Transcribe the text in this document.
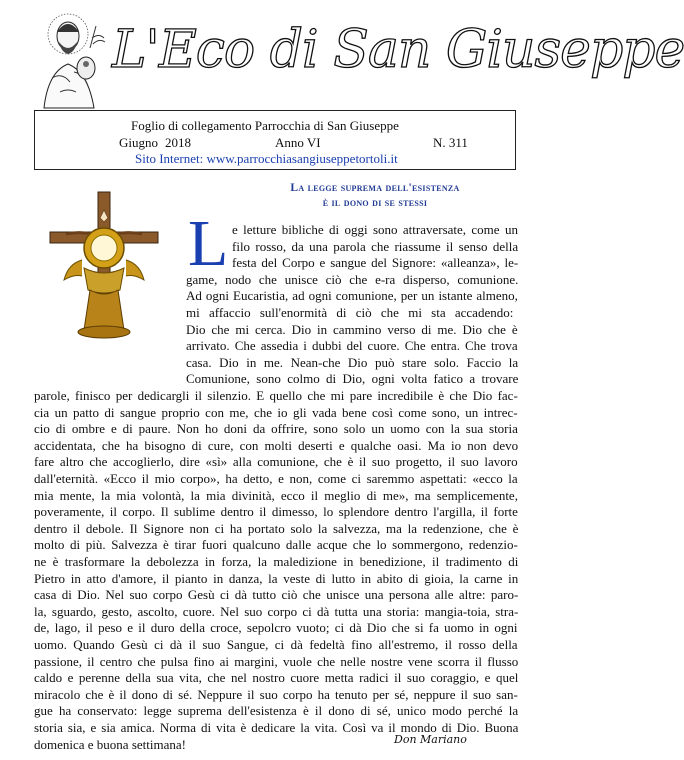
L'Eco di San Giuseppe
Foglio di collegamento Parrocchia di San Giuseppe
Giugno 2018	Anno VI	N. 311
Sito Internet: www.parrocchiasangiuseppetortoli.it
La legge suprema dell'esistenza
è il dono di se stessi
L e letture bibliche di oggi sono attraversate, come un
filo rosso, da una parola che riassume il senso della
festa del Corpo e sangue del Signore: «alleanza», le-
game, nodo che unisce ciò che e-ra disperso, comunione.
Ad ogni Eucaristia, ad ogni comunione, per un istante almeno,
mi affaccio sull'enormità di ciò che mi sta accadendo:
Dio che mi cerca. Dio in cammino verso di me. Dio che è
arrivato. Che assedia i dubbi del cuore. Che entra. Che trova
casa. Dio in me. Nean-che Dio può stare solo. Faccio la
Comunione, sono colmo di Dio, ogni volta fatico a trovare
parole, finisco per dedicargli il silenzio. E quello che mi pare incredibile è che Dio fac-
cia un patto di sangue proprio con me, che io gli vada bene così come sono, un intrec-
cio di ombre e di paure. Non ho doni da offrire, sono solo un uomo con la sua storia
accidentata, che ha bisogno di cure, con molti deserti e qualche oasi. Ma io non devo
fare altro che accoglierlo, dire «sì» alla comunione, che è il suo progetto, il suo lavoro
dall'eternità. «Ecco il mio corpo», ha detto, e non, come ci saremmo aspettati: «ecco la
mia mente, la mia volontà, la mia divinità, ecco il meglio di me», ma semplicemente,
poveramente, il corpo. Il sublime dentro il dimesso, lo splendore dentro l'argilla, il forte
dentro il debole. Il Signore non ci ha portato solo la salvezza, ma la redenzione, che è
molto di più. Salvezza è tirar fuori qualcuno dalle acque che lo sommergono, redenzio-
ne è trasformare la debolezza in forza, la maledizione in benedizione, il tradimento di
Pietro in atto d'amore, il pianto in danza, la veste di lutto in abito di gioia, la carne in
casa di Dio. Nel suo corpo Gesù ci dà tutto ciò che unisce una persona alle altre: paro-
la, sguardo, gesto, ascolto, cuore. Nel suo corpo ci dà tutta una storia: mangia-toia, stra-
de, lago, il peso e il duro della croce, sepolcro vuoto; ci dà Dio che si fa uomo in ogni
uomo. Quando Gesù ci dà il suo Sangue, ci dà fedeltà fino all'estremo, il rosso della
passione, il centro che pulsa fino ai margini, vuole che nelle nostre vene scorra il flusso
caldo e perenne della sua vita, che nel nostro cuore metta radici il suo coraggio, e quel
miracolo che è il dono di sé. Neppure il suo corpo ha tenuto per sé, neppure il suo san-
gue ha conservato: legge suprema dell'esistenza è il dono di sé, unico modo perché la
storia sia, e sia amica. Norma di vita è dedicare la vita. Così va il mondo di Dio. Buona
domenica e buona settimana!	Don Mariano
